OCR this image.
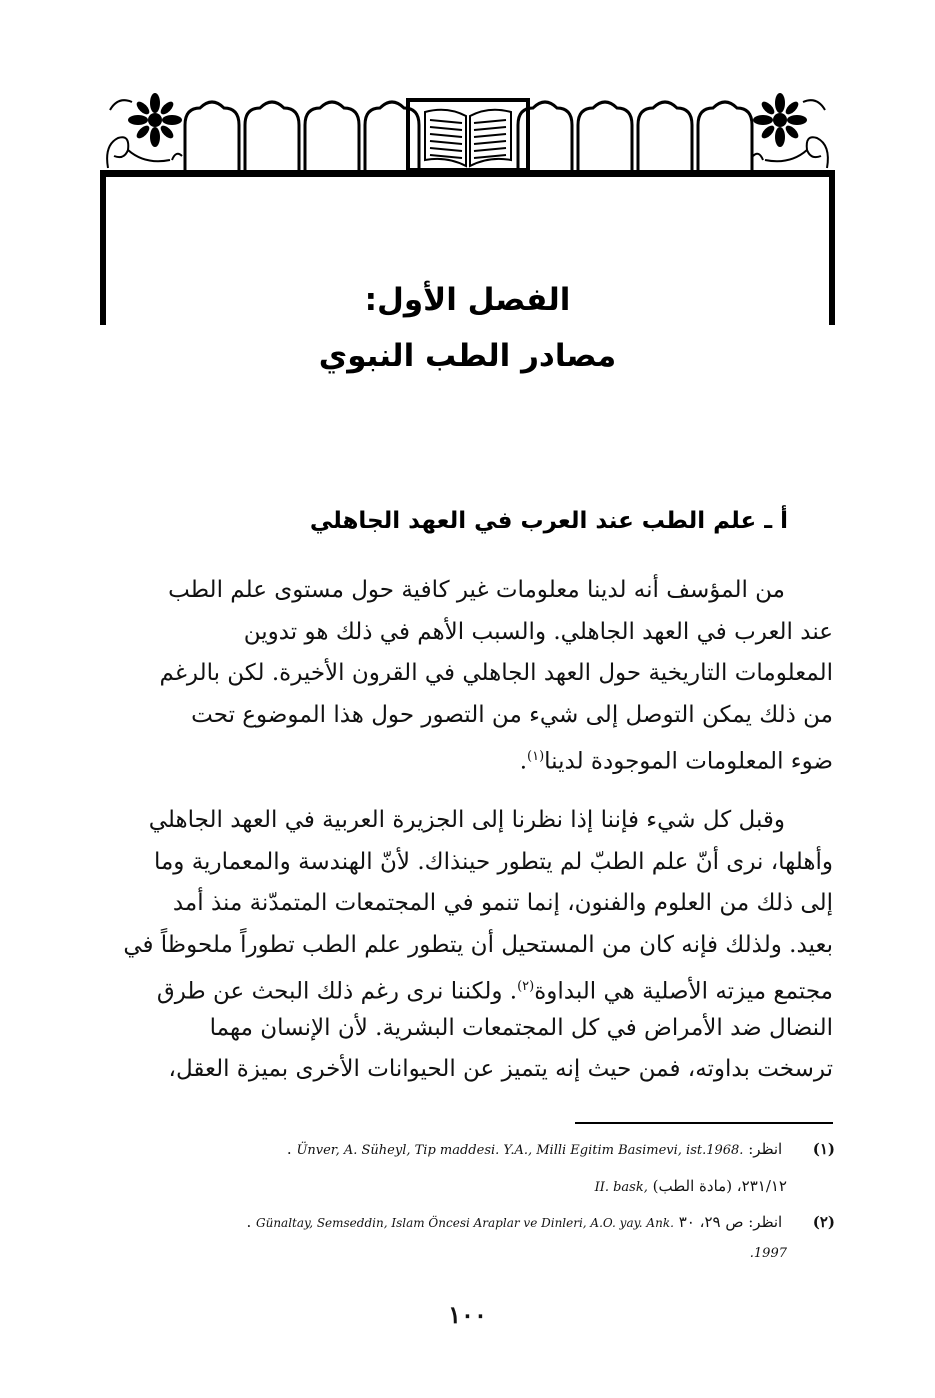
الفصل الأول:
مصادر الطب النبوي
أ ـ علم الطب عند العرب في العهد الجاهلي

من المؤسف أنه لدينا معلومات غير كافية حول مستوى علم الطب
عند العرب في العهد الجاهلي. والسبب الأهم في ذلك هو تدوين
المعلومات التاريخية حول العهد الجاهلي في القرون الأخيرة. لكن بالرغم
من ذلك يمكن التوصل إلى شيء من التصور حول هذا الموضوع تحت
ضوء المعلومات الموجودة لدينا$^{(١)}$.

وقبل كل شيء فإننا إذا نظرنا إلى الجزيرة العربية في العهد الجاهلي
وأهلها، نرى أنّ علم الطبّ لم يتطور حينذاك. لأنّ الهندسة والمعمارية وما
إلى ذلك من العلوم والفنون، إنما تنمو في المجتمعات المتمدّنة منذ أمد
بعيد. ولذلك فإنه كان من المستحيل أن يتطور علم الطب تطوراً ملحوظاً في
مجتمع ميزته الأصلية هي البداوة$^{(٢)}$. ولكننا نرى رغم ذلك البحث عن طرق
النضال ضد الأمراض في كل المجتمعات البشرية. لأن الإنسان مهما
ترسخت بداوته، فمن حيث إنه يتميز عن الحيوانات الأخرى بميزة العقل،

(١) انظر: Ünver, A. Süheyl, Tip maddesi. Y.A., Milli Egitim Basimevi, ist.1968. .
٢٣١/١٢، (مادة الطب) II. bask,
(٢) انظر: ص ٢٩، ٣٠ Günaltay, Semseddin, Islam Öncesi Araplar ve Dinleri, A.O. yay. Ank. .
1997.
١٠٠
